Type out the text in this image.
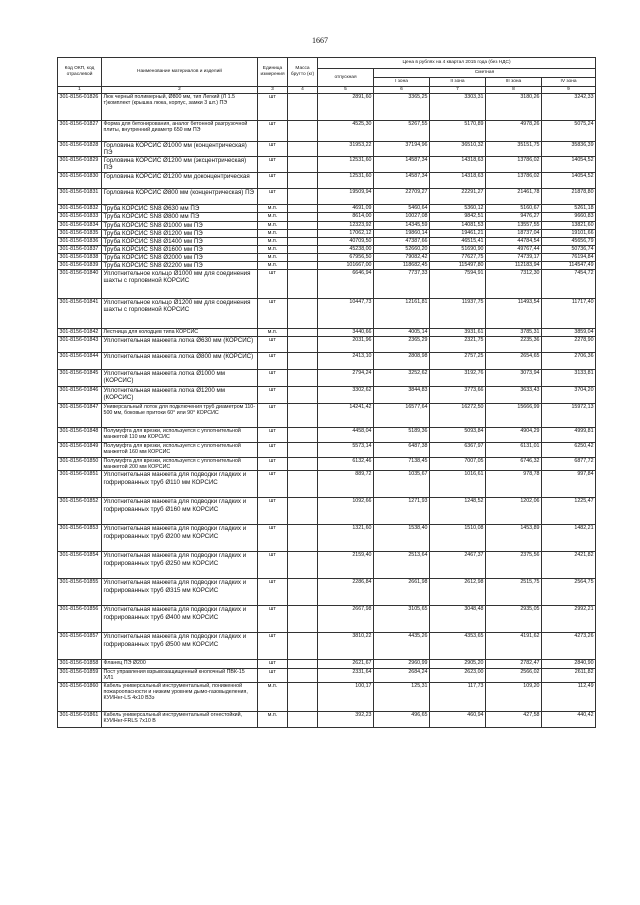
1667
Код ОКП, код отраслевой	Наименование материалов и изделий	Единица измерения	Масса брутто (кг)	Цена в рублях на 4 квартал 2015 года (без НДС)				
				отпускная	Сметная			
					I зона	II зона	III зона	IV зона
1	2	3	4	5	6	7	8	9
301-8156-01826	Люк черный полимерный, Ø800 мм, тип Легкий (Л 1.5 т)комплект (крышка люка, корпус, замки 3 шт.) ПЭ	шт		2891,60	3365,25	3303,31	3180,26	3242,33
301-8156-01827	Форма для бетонирования, аналог бетонной разгрузочной плиты, внутренний диаметр 650 мм ПЭ	шт		4525,30	5267,55	5170,89	4978,26	5075,24
301-8156-01828	Горловина КОРСИС Ø1000 мм (концентрическая) ПЭ	шт		31953,22	37194,96	36510,32	35151,75	35836,39
301-8156-01829	Горловина КОРСИС Ø1200 мм (эксцентрическая) ПЭ	шт		12531,60	14587,34	14318,63	13786,02	14054,52
301-8156-01830	Горловина КОРСИС Ø1200 мм доконцентрическая	шт		12531,60	14587,34	14318,63	13786,02	14054,52
301-8156-01831	Горловина КОРСИС Ø800 мм (концентрическая) ПЭ	шт		19509,94	22709,27	22291,27	21461,78	21878,80
301-8156-01832	Труба КОРСИС SN8 Ø630 мм ПЭ	м.п.		4691,09	5460,64	5360,12	5160,67	5261,18
301-8156-01833	Труба КОРСИС SN8 Ø800 мм ПЭ	м.п.		8614,00	10027,08	9842,51	9476,27	9660,83
301-8156-01834	Труба КОРСИС SN8 Ø1000 мм ПЭ	м.п.		12323,92	14345,59	14081,53	13557,55	13821,60
301-8156-01835	Труба КОРСИС SN8 Ø1200 мм ПЭ	м.п.		17062,12	19860,14	19461,21	18737,04	19101,66
301-8156-01836	Труба КОРСИС SN8 Ø1400 мм ПЭ	м.п.		40709,50	47387,66	46515,41	44784,54	45656,79
301-8156-01837	Труба КОРСИС SN8 Ø1600 мм ПЭ	м.п.		45238,00	52660,20	51690,90	49767,44	50736,74
301-8156-01838	Труба КОРСИС SN8 Ø2000 мм ПЭ	м.п.		67956,50	79082,42	77627,75	74739,17	76194,84
301-8156-01839	Труба КОРСИС SN8 Ø2200 мм ПЭ	м.п.		101667,00	118682,45	115497,80	112183,94	114547,49
301-8156-01840	Уплотнительное кольцо Ø1000 мм для соединения шахты с горловиной КОРСИС	шт		6646,94	7737,33	7594,91	7312,30	7454,72
301-8156-01841	Уплотнительное кольцо Ø1200 мм для соединения шахты с горловиной КОРСИС	шт		10447,73	12161,81	11937,75	11493,54	11717,40
301-8156-01842	Лестница для колодцев типа КОРСИС	м.п.		3440,66	4005,14	3931,61	3785,31	3859,04
301-8156-01843	Уплотнительная манжета лотка Ø630 мм (КОРСИС)	шт		2031,96	2365,29	2321,75	2235,36	2278,90
301-8156-01844	Уплотнительная манжета лотка Ø800 мм (КОРСИС)	шт		2413,10	2808,98	2757,25	2654,65	2706,36
301-8156-01845	Уплотнительная манжета лотка Ø1000 мм (КОРСИС)	шт		2794,24	3252,62	3192,76	3073,94	3133,81
301-8156-01846	Уплотнительная манжета лотка Ø1200 мм (КОРСИС)	шт		3302,62	3844,83	3773,66	3633,43	3704,20
301-8156-01847	Универсальный лоток для подключения труб диаметром 110-500 мм, боковые притоки 60° или 90° КОРСИС	шт		14241,42	16577,64	16272,50	15666,99	15972,13
301-8156-01848	Полумуфта для врезки, используется с уплотнительной манжетой 110 мм КОРСИС	шт		4458,04	5189,36	5093,84	4904,29	4999,81
301-8156-01849	Полумуфта для врезки, используется с уплотнительной манжетой 160 мм КОРСИС	шт		5573,14	6487,38	6367,97	6131,01	6250,42
301-8156-01850	Полумуфта для врезки, используется с уплотнительной манжетой 200 мм КОРСИС	шт		6132,46	7138,45	7007,05	6746,32	6877,72
301-8156-01851	Уплотнительная манжета для подводки гладких и гофрированных труб Ø110 мм КОРСИС	шт		889,72	1035,67	1016,61	978,78	997,84
301-8156-01852	Уплотнительная манжета для подводки гладких и гофрированных труб Ø160 мм КОРСИС	шт		1092,66	1271,93	1248,52	1202,06	1225,47
301-8156-01853	Уплотнительная манжета для подводки гладких и гофрированных труб Ø200 мм КОРСИС	шт		1321,60	1538,40	1510,08	1453,89	1482,21
301-8156-01854	Уплотнительная манжета для подводки гладких и гофрированных труб Ø250 мм КОРСИС	шт		2159,40	2513,64	2467,37	2375,56	2421,82
301-8156-01855	Уплотнительная манжета для подводки гладких и гофрированных труб Ø315 мм КОРСИС	шт		2286,84	2661,98	2612,98	2515,75	2564,75
301-8156-01856	Уплотнительная манжета для подводки гладких и гофрированных труб Ø400 мм КОРСИС	шт		2667,98	3105,65	3048,48	2935,05	2992,21
301-8156-01857	Уплотнительная манжета для подводки гладких и гофрированных труб Ø500 мм КОРСИС	шт		3810,22	4435,26	4353,65	4191,62	4273,26
301-8156-01858	Фланец ПЭ Ø200	шт		2621,67	2960,99	2905,20	2782,47	2840,90
301-8156-01859	Пост управления взрывозащищенный кнопочный ПВК-15 XЛ1	шт		2331,64	2684,24	2623,00	2566,02	2611,82
301-8156-01860	Кабель универсальный инструментальный, пониженной пожароопасности и низким уровнем дымо-газовыделения, КУИНнг-LS 4х10 ВЗэ	м.п.		100,17	125,31	117,73	109,20	112,49
301-8156-01861	Кабель универсальный инструментальный огнестойкий, КУИНнг-FRLS 7х10 В	м.п.		392,23	496,65	460,94	427,58	440,42
